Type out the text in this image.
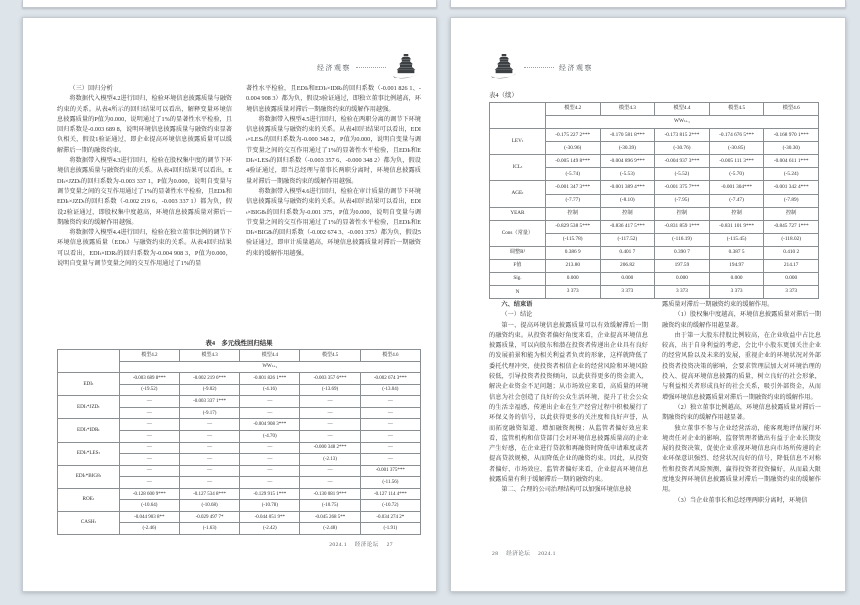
经济观察

（三）回归分析

将数据代入模型4.2进行回归，检验环境信息披露质量与融资约束的关系。从表4所示的回归结果可以看出，解释变量环境信息披露质量的P值为0.000，说明通过了1%的显著性水平检验，且回归系数是-0.003 689 8，说明环境信息披露质量与融资约束显著负相关，假设1验证通过，即企业提高环境信息披露质量可以缓解滞后一期的融资约束。

将数据带入模型4.3进行回归，检验在股权集中度的调节下环境信息披露质量与融资约束的关系。从表4回归结果可以看出，EDIₜ×JZDₜ的回归系数为-0.003 337 1，P值为0.000，说明自变量与调节变量之间的交互作用通过了1%的显著性水平检验，且EDIₜ和EDIₜ×JZDₜ的回归系数（-0.002 219 6、-0.003 337 1）都为负，假设2验证通过，即股权集中度越高，环境信息披露质量对滞后一期融资约束的缓解作用越强。

将数据带入模型4.4进行回归，检验在独立董事比例的调节下环境信息披露质量（EDIₜ）与融资约束的关系。从表4回归结果可以看出，EDIₜ×IDRₜ的回归系数为-0.004 908 3，P值为0.000，说明自变量与调节变量之间的交互作用通过了1%的显

著性水平检验，且EDIₜ和EDIₜ×IDRₜ的回归系数（-0.001 826 1、-0.004 908 3）都为负，假设3验证通过，即独立董事比例越高，环境信息披露质量对滞后一期融资约束的缓解作用越强。

将数据带入模型4.5进行回归，检验在两职分离的调节下环境信息披露质量与融资约束的关系。从表4回归结果可以看出，EDIₜ×LESₜ的回归系数为-0.000 348 2，P值为0.000，说明自变量与调节变量之间的交互作用通过了1%的显著性水平检验，且EDIₜ和EDIₜ×LESₜ的回归系数（-0.003 357 6、-0.000 348 2）都为负，假设4验证通过，即当总经理与董事长两职分离时，环境信息披露质量对滞后一期融资约束的缓解作用越强。

将数据带入模型4.6进行回归，检验在审计质量的调节下环境信息披露质量与融资约束的关系。从表4回归结果可以看出，EDIₜ×BIG8ₜ的回归系数为-0.001 375，P值为0.000，说明自变量与调节变量之间的交互作用通过了1%的显著性水平检验，且EDIₜ和EDIₜ×BIG8ₜ的回归系数（-0.002 674 3、-0.001 375）都为负，假设5验证通过，即审计质量越高，环境信息披露质量对滞后一期融资约束的缓解作用越强。

表4　多元线性回归结果
	模型4.2	模型4.3	模型4.4	模型4.5	模型4.6
	WWₜ₊₁				
EDIₜ	-0.003 689 8***	-0.002 219 6***	-0.001 826 1***	-0.003 357 6***	-0.002 674 3***
	(-19.52)	(-9.02)	(-4.16)	(-13.69)	(-13.04)
EDIₜ*JZDₜ	—	-0.003 337 1***	—	—	—
	—	(-9.17)	—	—	—
EDIₜ*IDRₜ	—	—	-0.004 908 3***	—	—
	—	—	(-4.70)	—	—
EDIₜ*LESₜ	—	—	—	-0.000 348 2***	—
	—	—	—	(-2.13)	—
EDIₜ*BIG8ₜ	—	—	—	—	-0.001 375***
	—	—	—	—	(-11.56)
ROEₜ	-0.128 600 9***	-0.127 534 8***	-0.129 915 1***	-0.130 081 9***	-0.127 114 4***
	(-10.64)	(-10.68)	(-10.78)	(-10.75)	(-10.72)
CASHₜ	-0.044 903 8**	-0.029 497 7*	-0.044 051 9**	-0.045 268 5**	-0.034 274 2*
	(-2.46)	(-1.63)	(-2.42)	(-2.48)	(-1.91)
2024.1 经济论坛 27
经济观察
表4（续）
	模型4.2	模型4.3	模型4.4	模型4.5	模型4.6
	WWₜ₊₁				
LEVₜ	-0.175 227 2***	-0.170 581 8***	-0.173 815 2***	-0.174 676 5***	-0.168 970 1***
	(-30.96)	(-30.39)	(-30.76)	(-30.85)	(-30.30)
ICLₜ	-0.005 149 8***	-0.004 896 9***	-0.004 937 3***	-0.005 111 3***	-0.004 611 1***
	(-5.74)	(-5.53)	(-5.52)	(-5.70)	(-5.24)
AGEₜ	-0.001 347 3***	-0.001 389 4***	-0.001 375 7***	-0.001 304***	-0.001 342 4***
	(-7.77)	(-8.10)	(-7.95)	(-7.47)	(-7.89)
YEAR	控制	控制	控制	控制	控制
Cons（常量）	-0.829 538 5***	-0.836 417 5***	-0.831 859 1***	-0.831 101 9***	-0.845 727 1***
	(-115.78)	(-117.52)	(-116.19)	(-115.45)	(-118.02)
调整R²	0.386 9	0.401 7	0.390 7	0.387 5	0.410 2
F值	213.80	206.82	197.59	194.97	214.17
Sig.	0.000	0.000	0.000	0.000	0.000
N	3 373	3 373	3 373	3 373	3 373

六、结束语

（一）结论

第一、提高环境信息披露质量可以有效缓解滞后一期的融资约束。从投资者偏好角度来看，企业提高环境信息披露质量，可以向股东和潜在投资者传递出企业具有良好的发展前景和能为相关利益者负责的形象，这样就降低了委托代理冲突，使投资者相信企业的经营风险和环境风险较低，引导投资者投资倾向，以此获得更多的资金流入，解决企业资金不足问题；从市场效应来看，高质量的环境信息为社会创造了良好的公众生活环境，提升了社会公众的生活幸福感，传递出企业在生产经营过程中积极履行了环保义务的信号，以此获得更多的关注度和良好声誉，从而拓宽融资渠道、增加融资规模；从监管者偏好效应来看，监管机构和信贷部门会对环境信息披露质量高的企业产生好感，在企业进行贷款和再融资时降低申请难度或者提高贷款规模，从而降低企业的融资约束。因此，从投资者偏好、市场效应、监管者偏好来看，企业提高环境信息披露质量有利于缓解滞后一期的融资约束。

第二、合理的公司治理结构可以加强环境信息披

露质量对滞后一期融资约束的缓解作用。

（1）股权集中度越高，环境信息披露质量对滞后一期融资约束的缓解作用越显著。

由于第一大股东持股比例较高，在企业收益中占比息较高，出于自身利益的考虑，会比中小股东更加关注企业的经营风险以及未来的发展，重视企业的环境状况对外部投资者投资决策的影响，会要求管理层加大对环境治理的投入、提高环境信息披露的质量，树立良好的社会形象，与利益相关者形成良好的社会关系，吸引外部资金，从而增强环境信息披露质量对滞后一期融资约束的缓解作用。

（2）独立董事比例越高，环境信息披露质量对滞后一期融资约束的缓解作用越显著。

独立董事不参与企业经营活动，能客观地评估履行环境责任对企业的影响，监督管理者做出有益于企业长期发展的投资决策，促使企业重视环境信息向市场所传递的企业环保意识强烈、经营状况良好的信号，降低信息不对称性和投资者风险预测，赢得投资者投资偏好，从而最大限度地发挥环境信息披露质量对滞后一期融资约束的缓解作用。

（3）当企业董事长和总经理两职分离时，环境信

28 经济论坛 2024.1
